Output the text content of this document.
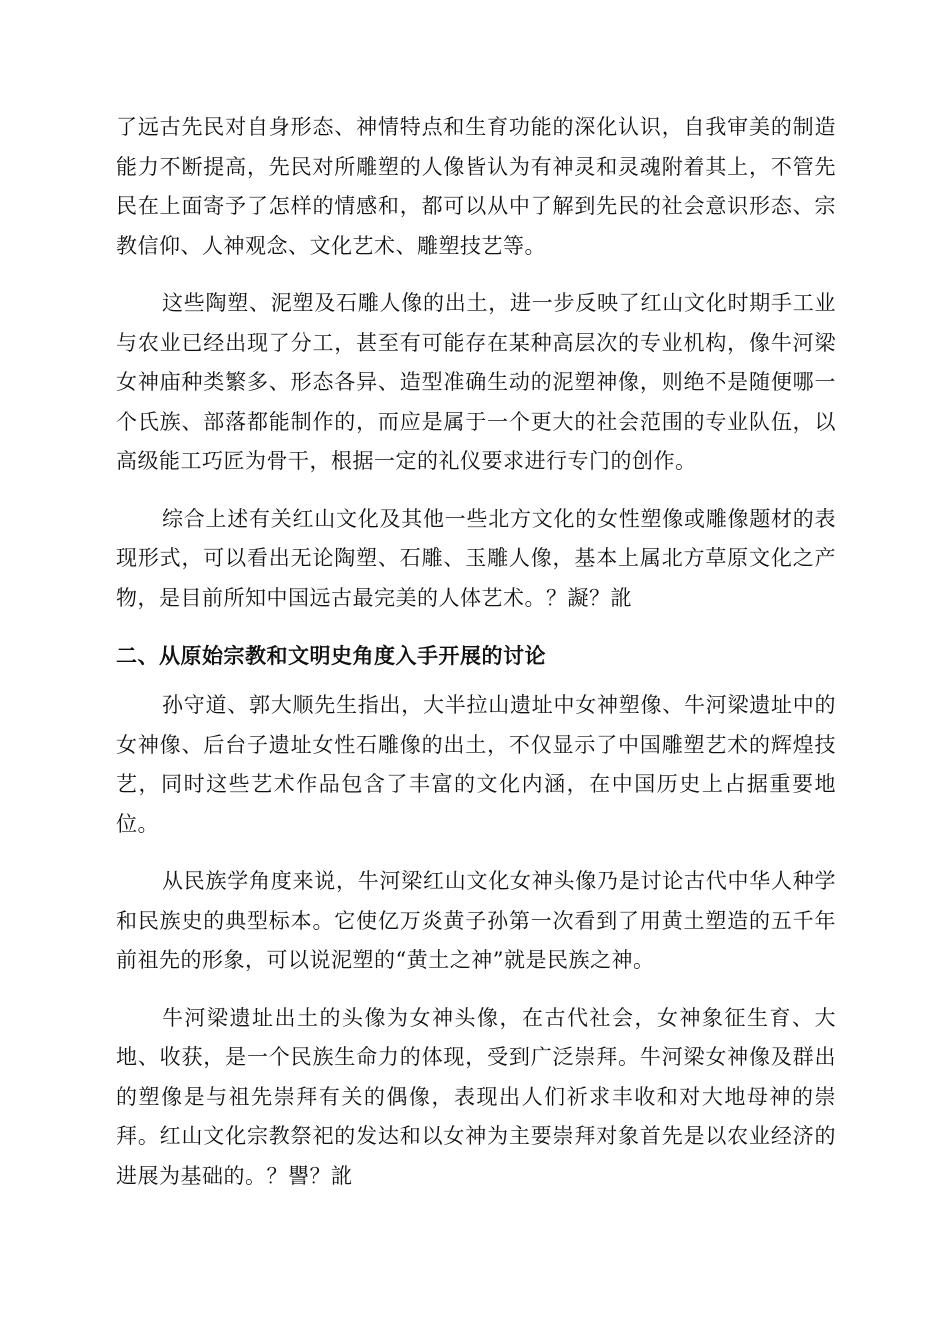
了远古先民对自身形态、神情特点和生育功能的深化认识，自我审美的制造能力不断提高，先民对所雕塑的人像皆认为有神灵和灵魂附着其上，不管先民在上面寄予了怎样的情感和，都可以从中了解到先民的社会意识形态、宗教信仰、人神观念、文化艺术、雕塑技艺等。

这些陶塑、泥塑及石雕人像的出土，进一步反映了红山文化时期手工业与农业已经出现了分工，甚至有可能存在某种高层次的专业机构，像牛河梁女神庙种类繁多、形态各异、造型准确生动的泥塑神像，则绝不是随便哪一个氏族、部落都能制作的，而应是属于一个更大的社会范围的专业队伍，以高级能工巧匠为骨干，根据一定的礼仪要求进行专门的创作。

综合上述有关红山文化及其他一些北方文化的女性塑像或雕像题材的表现形式，可以看出无论陶塑、石雕、玉雕人像，基本上属北方草原文化之产物，是目前所知中国远古最完美的人体艺术。？譺？訛

二、从原始宗教和文明史角度入手开展的讨论

孙守道、郭大顺先生指出，大半拉山遗址中女神塑像、牛河梁遗址中的女神像、后台子遗址女性石雕像的出土，不仅显示了中国雕塑艺术的辉煌技艺，同时这些艺术作品包含了丰富的文化内涵，在中国历史上占据重要地位。

从民族学角度来说，牛河梁红山文化女神头像乃是讨论古代中华人种学和民族史的典型标本。它使亿万炎黄子孙第一次看到了用黄土塑造的五千年前祖先的形象，可以说泥塑的“黄土之神”就是民族之神。

牛河梁遗址出土的头像为女神头像，在古代社会，女神象征生育、大地、收获，是一个民族生命力的体现，受到广泛崇拜。牛河梁女神像及群出的塑像是与祖先崇拜有关的偶像，表现出人们祈求丰收和对大地母神的崇拜。红山文化宗教祭祀的发达和以女神为主要崇拜对象首先是以农业经济的进展为基础的。？譻？訛
